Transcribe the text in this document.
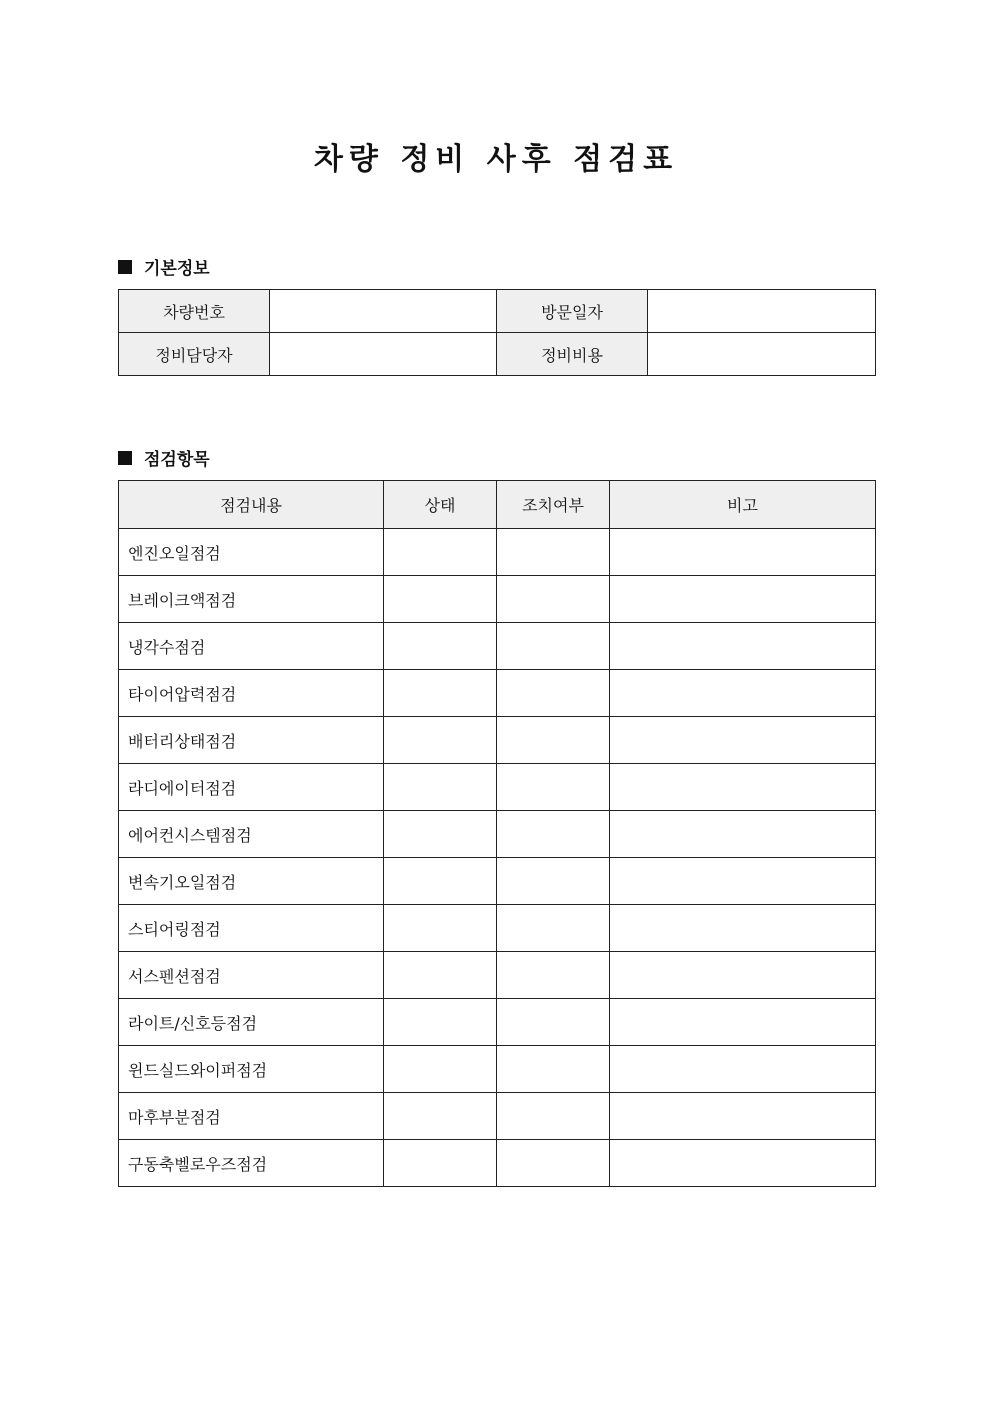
차량 정비 사후 점검표
기본정보
차량번호		방문일자	
정비담당자		정비비용	
점검항목
점검내용	상태	조치여부	비고
엔진오일점검			
브레이크액점검			
냉각수점검			
타이어압력점검			
배터리상태점검			
라디에이터점검			
에어컨시스템점검			
변속기오일점검			
스티어링점검			
서스펜션점검			
라이트/신호등점검			
윈드실드와이퍼점검			
마후부분점검			
구동축벨로우즈점검			
